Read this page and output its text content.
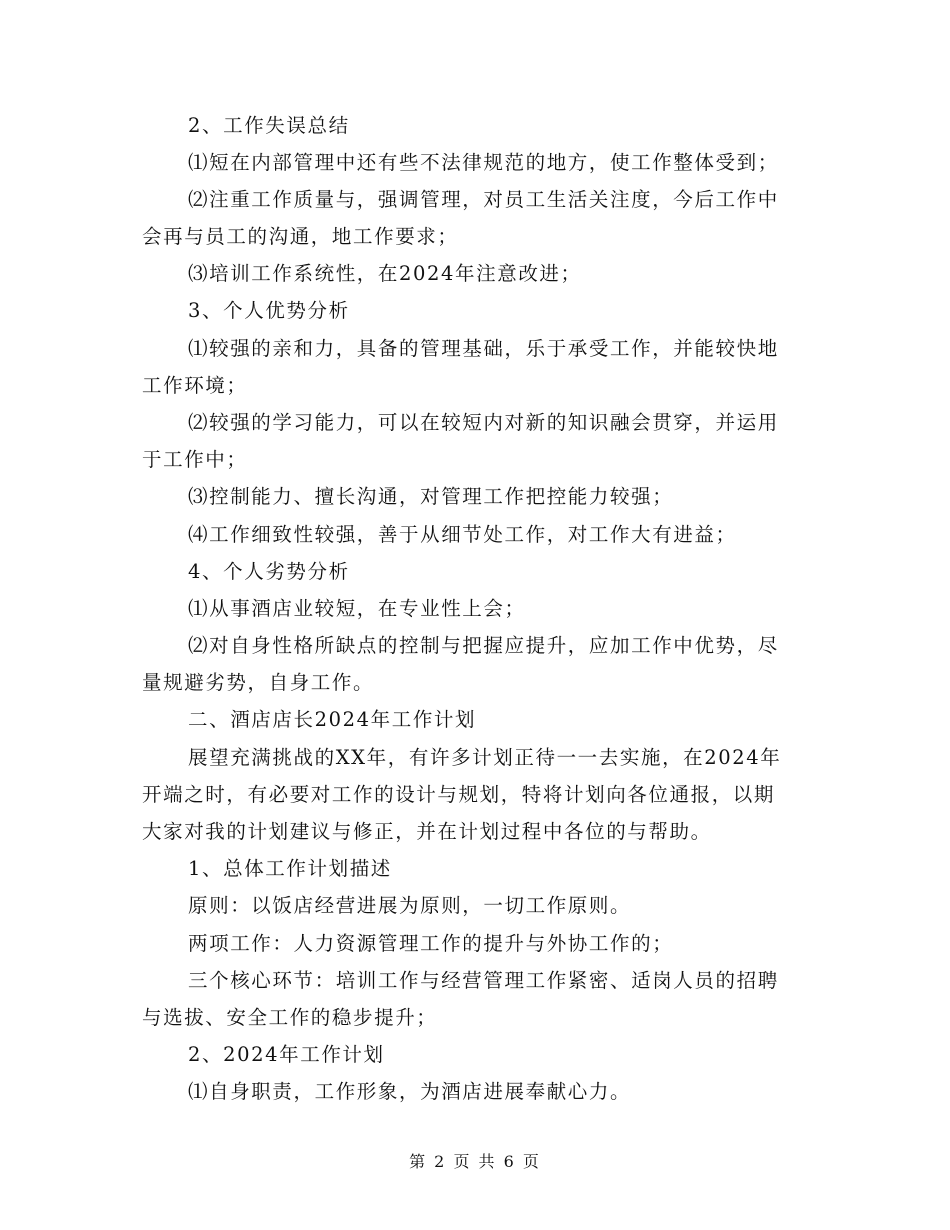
2、工作失误总结
⑴短在内部管理中还有些不法律规范的地方，使工作整体受到；
⑵注重工作质量与，强调管理，对员工生活关注度，今后工作中
会再与员工的沟通，地工作要求；
⑶培训工作系统性，在2024年注意改进；
3、个人优势分析
⑴较强的亲和力，具备的管理基础，乐于承受工作，并能较快地
工作环境；
⑵较强的学习能力，可以在较短内对新的知识融会贯穿，并运用
于工作中；
⑶控制能力、擅长沟通，对管理工作把控能力较强；
⑷工作细致性较强，善于从细节处工作，对工作大有进益；
4、个人劣势分析
⑴从事酒店业较短，在专业性上会；
⑵对自身性格所缺点的控制与把握应提升，应加工作中优势，尽
量规避劣势，自身工作。
二、酒店店长2024年工作计划
展望充满挑战的XX年，有许多计划正待一一去实施，在2024年
开端之时，有必要对工作的设计与规划，特将计划向各位通报，以期
大家对我的计划建议与修正，并在计划过程中各位的与帮助。
1、总体工作计划描述
原则：以饭店经营进展为原则，一切工作原则。
两项工作：人力资源管理工作的提升与外协工作的；
三个核心环节：培训工作与经营管理工作紧密、适岗人员的招聘
与选拔、安全工作的稳步提升；
2、2024年工作计划
⑴自身职责，工作形象，为酒店进展奉献心力。
第 2 页 共 6 页
